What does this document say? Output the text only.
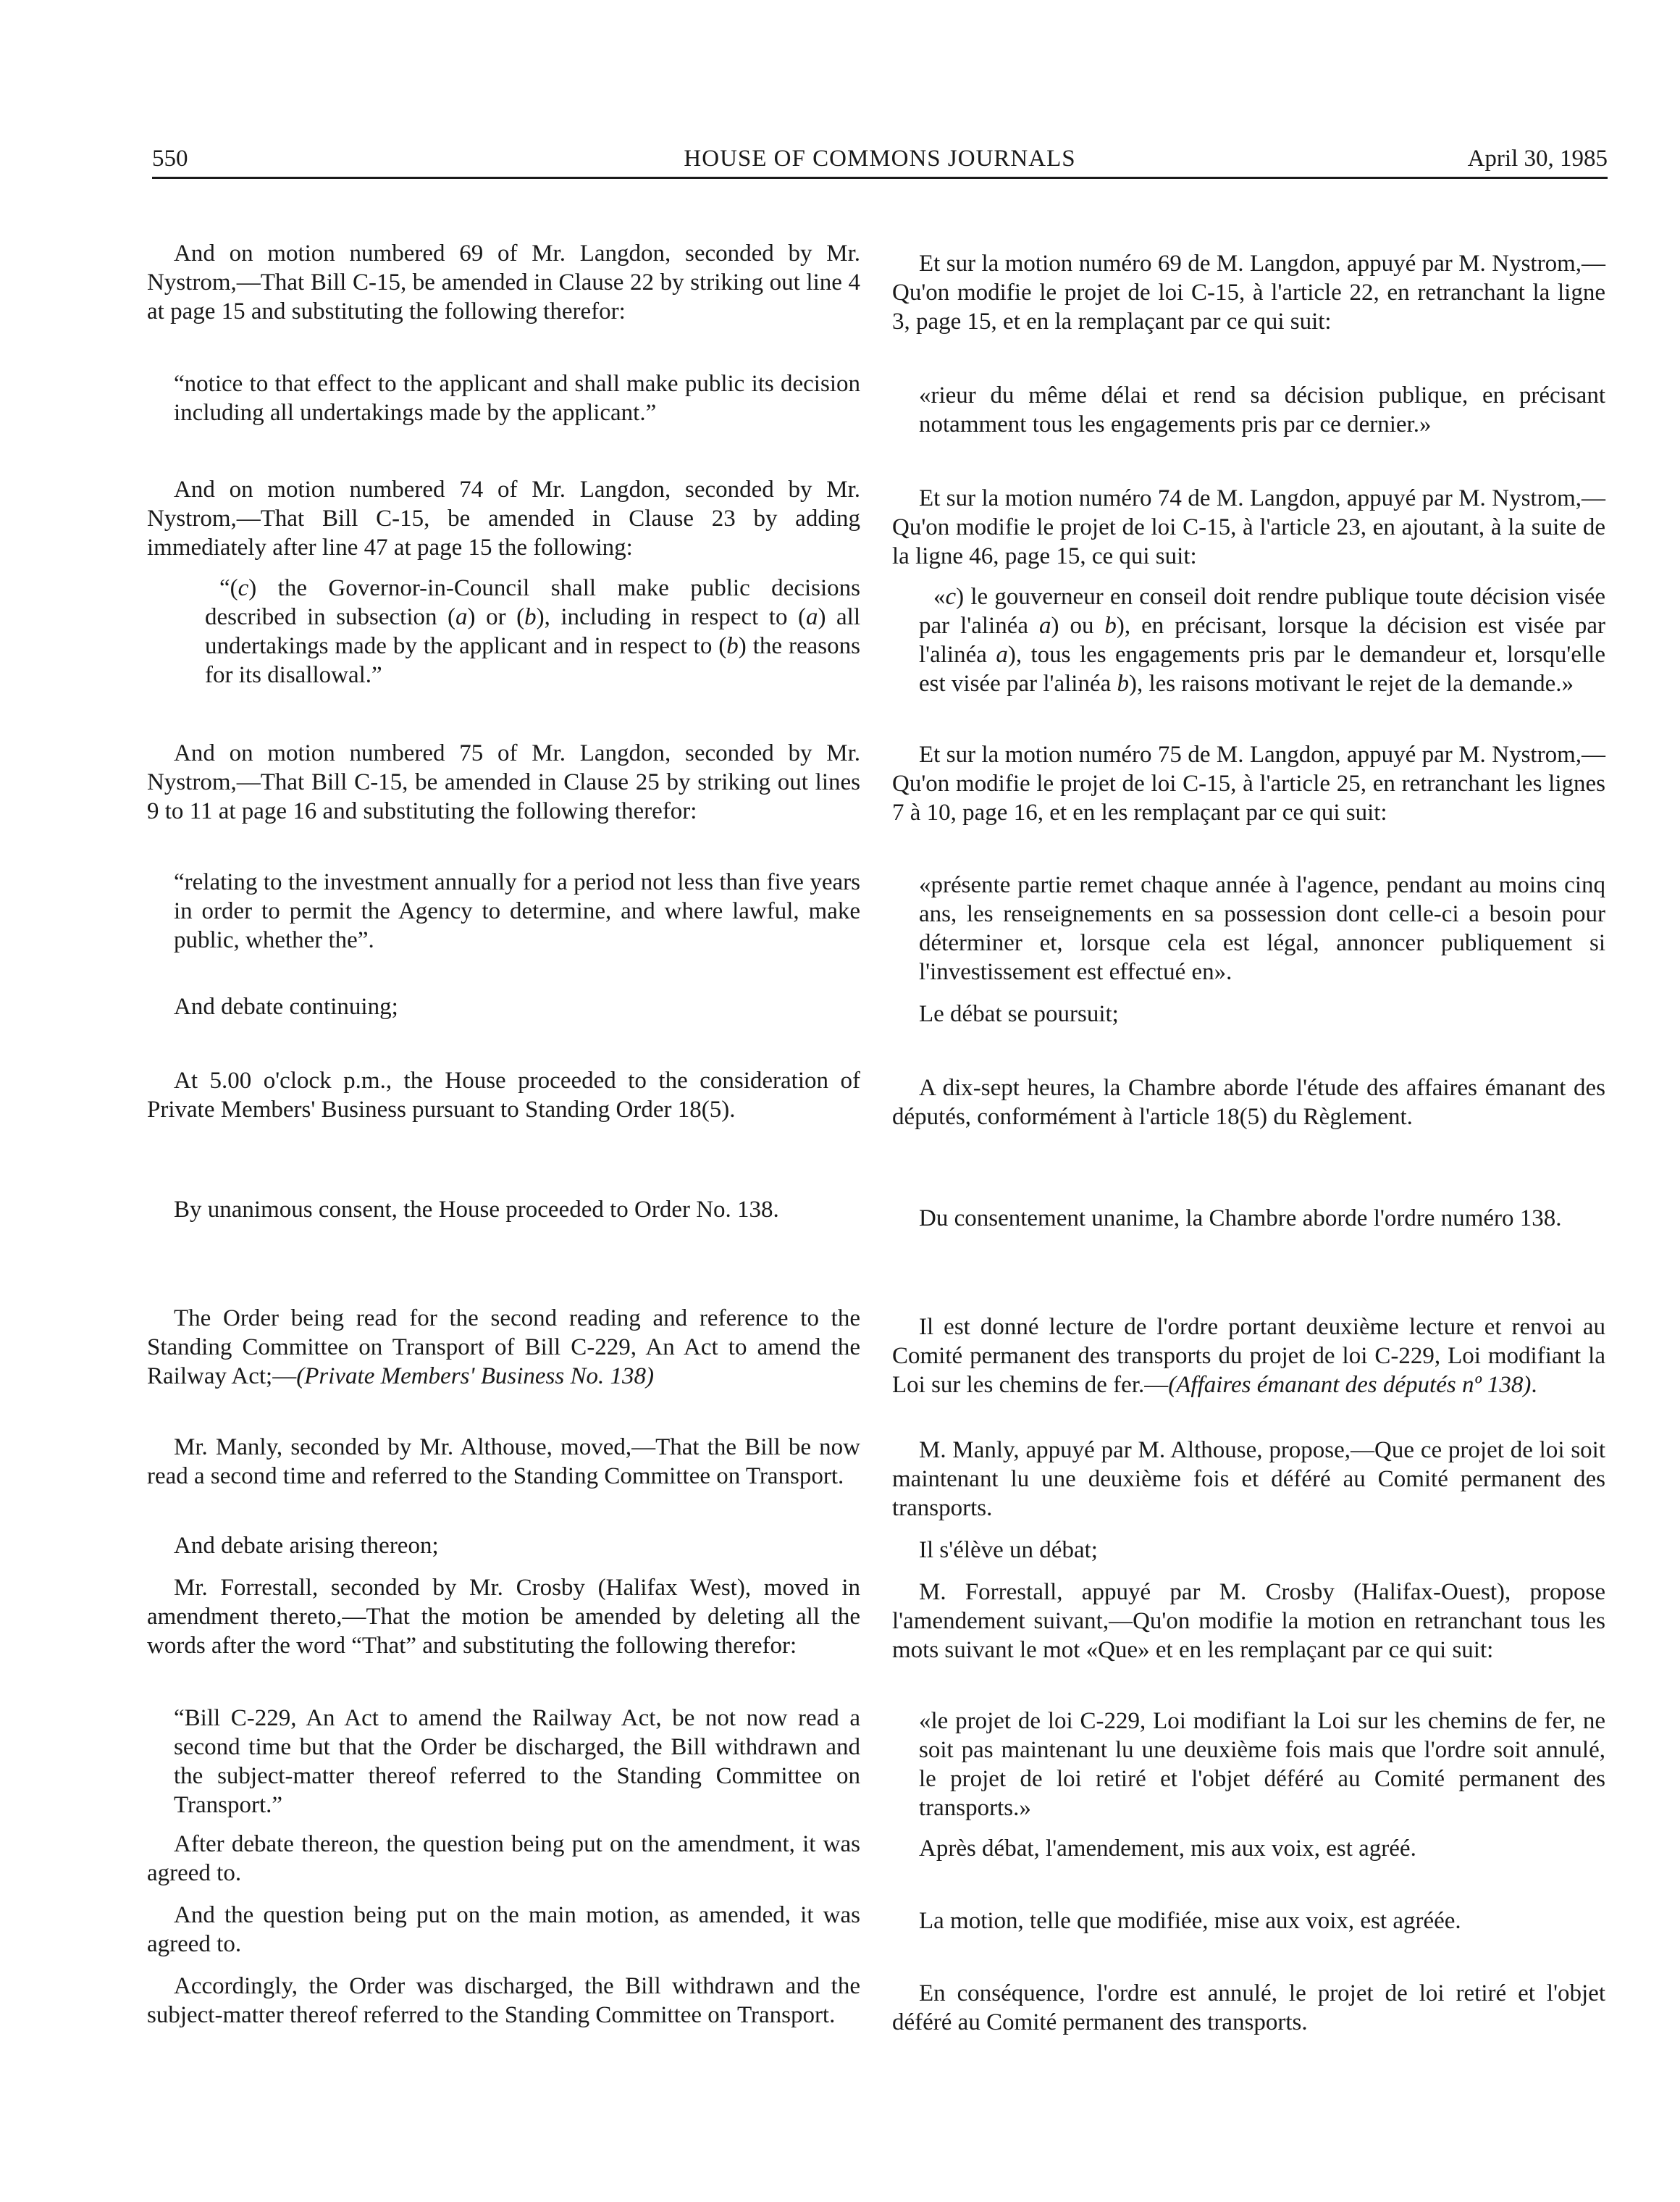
550	HOUSE OF COMMONS JOURNALS	April 30, 1985

And on motion numbered 69 of Mr. Langdon, seconded by Mr. Nystrom,—That Bill C-15, be amended in Clause 22 by striking out line 4 at page 15 and substituting the following therefor:

“notice to that effect to the applicant and shall make public its decision including all undertakings made by the applicant.”

And on motion numbered 74 of Mr. Langdon, seconded by Mr. Nystrom,—That Bill C-15, be amended in Clause 23 by adding immediately after line 47 at page 15 the following:

“(c) the Governor-in-Council shall make public decisions described in subsection (a) or (b), including in respect to (a) all undertakings made by the applicant and in respect to (b) the reasons for its disallowal.”

And on motion numbered 75 of Mr. Langdon, seconded by Mr. Nystrom,—That Bill C-15, be amended in Clause 25 by striking out lines 9 to 11 at page 16 and substituting the following therefor:

“relating to the investment annually for a period not less than five years in order to permit the Agency to determine, and where lawful, make public, whether the”.

And debate continuing;

At 5.00 o'clock p.m., the House proceeded to the consideration of Private Members' Business pursuant to Standing Order 18(5).

By unanimous consent, the House proceeded to Order No. 138.

The Order being read for the second reading and reference to the Standing Committee on Transport of Bill C-229, An Act to amend the Railway Act;—(Private Members' Business No. 138)

Mr. Manly, seconded by Mr. Althouse, moved,—That the Bill be now read a second time and referred to the Standing Committee on Transport.

And debate arising thereon;

Mr. Forrestall, seconded by Mr. Crosby (Halifax West), moved in amendment thereto,—That the motion be amended by deleting all the words after the word “That” and substituting the following therefor:

“Bill C-229, An Act to amend the Railway Act, be not now read a second time but that the Order be discharged, the Bill withdrawn and the subject-matter thereof referred to the Standing Committee on Transport.”

After debate thereon, the question being put on the amendment, it was agreed to.

And the question being put on the main motion, as amended, it was agreed to.

Accordingly, the Order was discharged, the Bill withdrawn and the subject-matter thereof referred to the Standing Committee on Transport.

Et sur la motion numéro 69 de M. Langdon, appuyé par M. Nystrom,—Qu'on modifie le projet de loi C-15, à l'article 22, en retranchant la ligne 3, page 15, et en la remplaçant par ce qui suit:

«rieur du même délai et rend sa décision publique, en précisant notamment tous les engagements pris par ce dernier.»

Et sur la motion numéro 74 de M. Langdon, appuyé par M. Nystrom,—Qu'on modifie le projet de loi C-15, à l'article 23, en ajoutant, à la suite de la ligne 46, page 15, ce qui suit:

«c) le gouverneur en conseil doit rendre publique toute décision visée par l'alinéa a) ou b), en précisant, lorsque la décision est visée par l'alinéa a), tous les engagements pris par le demandeur et, lorsqu'elle est visée par l'alinéa b), les raisons motivant le rejet de la demande.»

Et sur la motion numéro 75 de M. Langdon, appuyé par M. Nystrom,—Qu'on modifie le projet de loi C-15, à l'article 25, en retranchant les lignes 7 à 10, page 16, et en les remplaçant par ce qui suit:

«présente partie remet chaque année à l'agence, pendant au moins cinq ans, les renseignements en sa possession dont celle-ci a besoin pour déterminer et, lorsque cela est légal, annoncer publiquement si l'investissement est effectué en».

Le débat se poursuit;

A dix-sept heures, la Chambre aborde l'étude des affaires émanant des députés, conformément à l'article 18(5) du Règlement.

Du consentement unanime, la Chambre aborde l'ordre numéro 138.

Il est donné lecture de l'ordre portant deuxième lecture et renvoi au Comité permanent des transports du projet de loi C-229, Loi modifiant la Loi sur les chemins de fer.—(Affaires émanant des députés nº 138).

M. Manly, appuyé par M. Althouse, propose,—Que ce projet de loi soit maintenant lu une deuxième fois et déféré au Comité permanent des transports.

Il s'élève un débat;

M. Forrestall, appuyé par M. Crosby (Halifax-Ouest), propose l'amendement suivant,—Qu'on modifie la motion en retranchant tous les mots suivant le mot «Que» et en les remplaçant par ce qui suit:

«le projet de loi C-229, Loi modifiant la Loi sur les chemins de fer, ne soit pas maintenant lu une deuxième fois mais que l'ordre soit annulé, le projet de loi retiré et l'objet déféré au Comité permanent des transports.»

Après débat, l'amendement, mis aux voix, est agréé.

La motion, telle que modifiée, mise aux voix, est agréée.

En conséquence, l'ordre est annulé, le projet de loi retiré et l'objet déféré au Comité permanent des transports.
